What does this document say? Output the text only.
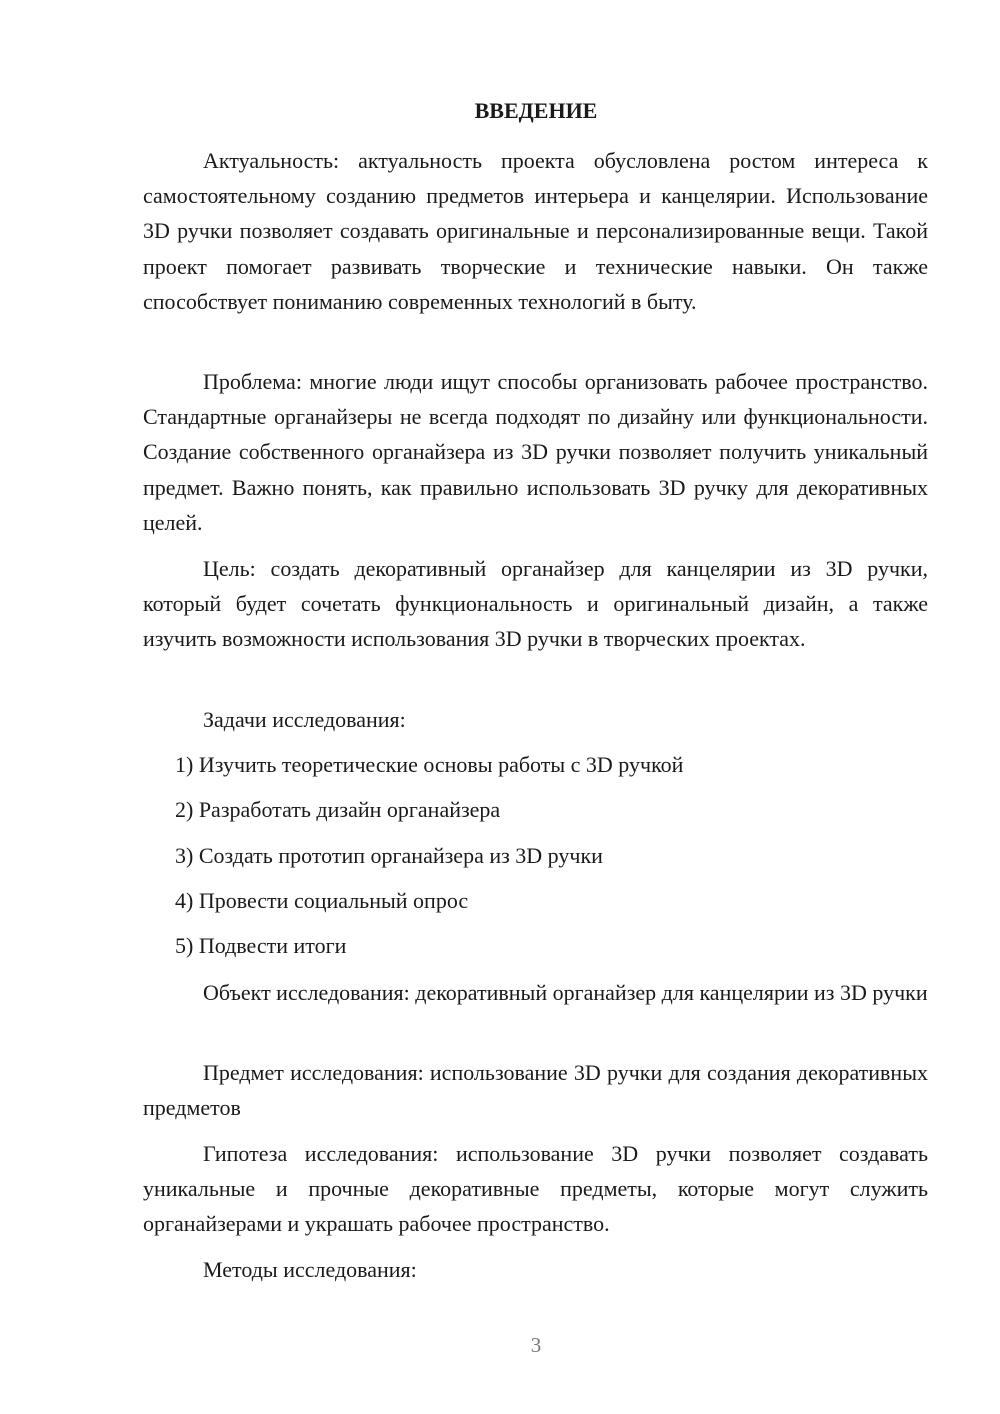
ВВЕДЕНИЕ

Актуальность: актуальность проекта обусловлена ростом интереса к самостоятельному созданию предметов интерьера и канцелярии. Использование 3D ручки позволяет создавать оригинальные и персонализированные вещи. Такой проект помогает развивать творческие и технические навыки. Он также способствует пониманию современных технологий в быту.

Проблема: многие люди ищут способы организовать рабочее пространство. Стандартные органайзеры не всегда подходят по дизайну или функциональности. Создание собственного органайзера из 3D ручки позволяет получить уникальный предмет. Важно понять, как правильно использовать 3D ручку для декоративных целей.

Цель: создать декоративный органайзер для канцелярии из 3D ручки, который будет сочетать функциональность и оригинальный дизайн, а также изучить возможности использования 3D ручки в творческих проектах.

Задачи исследования:

1) Изучить теоретические основы работы с 3D ручкой

2) Разработать дизайн органайзера

3) Создать прототип органайзера из 3D ручки

4) Провести социальный опрос

5) Подвести итоги

Объект исследования: декоративный органайзер для канцелярии из 3D ручки

Предмет исследования: использование 3D ручки для создания декоративных предметов

Гипотеза исследования: использование 3D ручки позволяет создавать уникальные и прочные декоративные предметы, которые могут служить органайзерами и украшать рабочее пространство.

Методы исследования:

3
